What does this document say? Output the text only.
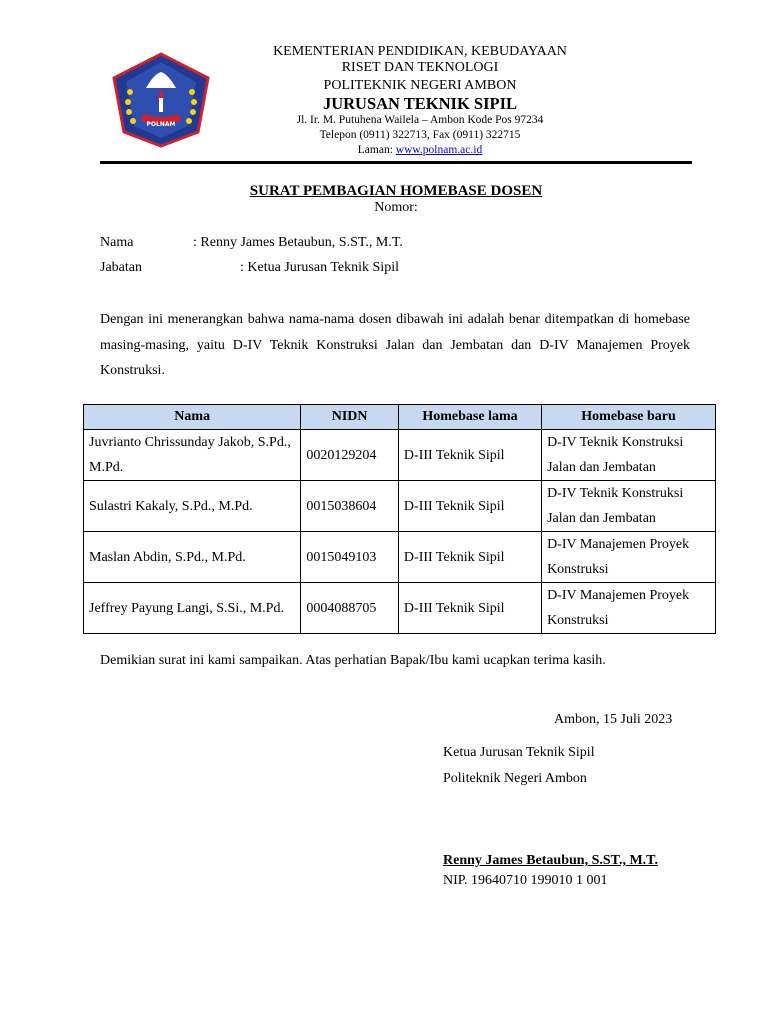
POLNAM
KEMENTERIAN PENDIDIKAN, KEBUDAYAAN
RISET DAN TEKNOLOGI
POLITEKNIK NEGERI AMBON
JURUSAN TEKNIK SIPIL
Jl. Ir. M. Putuhena Wailela – Ambon Kode Pos 97234
Telepon (0911) 322713, Fax (0911) 322715
Laman: www.polnam.ac.id
SURAT PEMBAGIAN HOMEBASE DOSEN
Nomor:
Nama	: Renny James Betaubun, S.ST., M.T.
Jabatan	: Ketua Jurusan Teknik Sipil
Dengan ini menerangkan bahwa nama-nama dosen dibawah ini adalah benar ditempatkan di homebase masing-masing, yaitu D-IV Teknik Konstruksi Jalan dan Jembatan dan D-IV Manajemen Proyek Konstruksi.
Nama	NIDN	Homebase lama	Homebase baru
Juvrianto Chrissunday Jakob, S.Pd., M.Pd.	0020129204	D-III Teknik Sipil	D-IV Teknik Konstruksi Jalan dan Jembatan
Sulastri Kakaly, S.Pd., M.Pd.	0015038604	D-III Teknik Sipil	D-IV Teknik Konstruksi Jalan dan Jembatan
Maslan Abdin, S.Pd., M.Pd.	0015049103	D-III Teknik Sipil	D-IV Manajemen Proyek Konstruksi
Jeffrey Payung Langi, S.Si., M.Pd.	0004088705	D-III Teknik Sipil	D-IV Manajemen Proyek Konstruksi
Demikian surat ini kami sampaikan. Atas perhatian Bapak/Ibu kami ucapkan terima kasih.
Ambon, 15 Juli 2023
Ketua Jurusan Teknik Sipil
Politeknik Negeri Ambon
Renny James Betaubun, S.ST., M.T.
NIP. 19640710 199010 1 001
